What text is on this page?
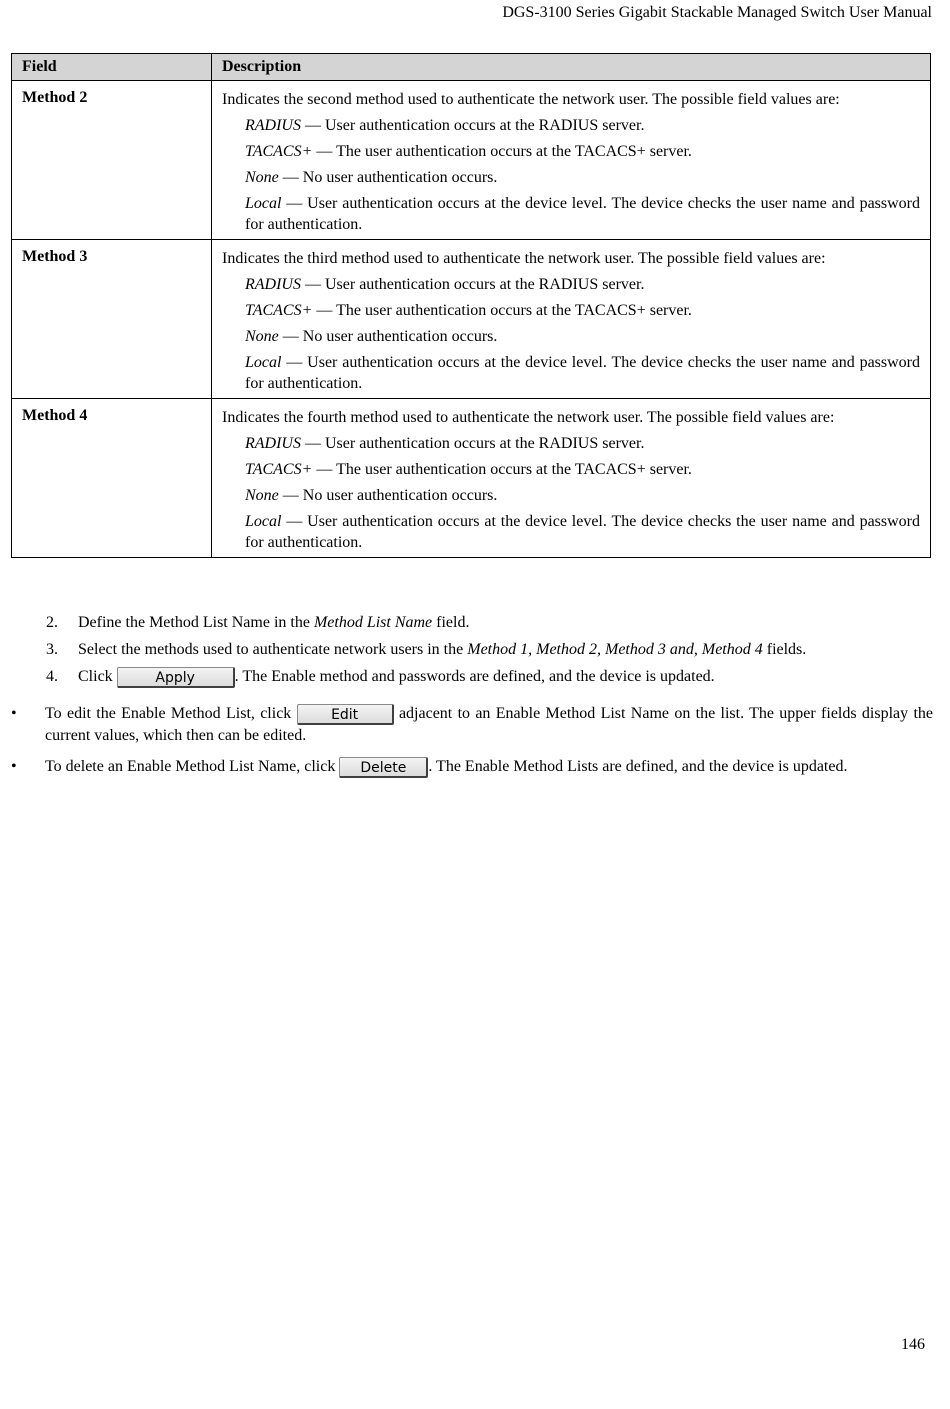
DGS-3100 Series Gigabit Stackable Managed Switch User Manual
Field	Description
Method 2	Indicates the second method used to authenticate the network user. The possible field values are:

RADIUS — User authentication occurs at the RADIUS server.
TACACS+ — The user authentication occurs at the TACACS+ server.
None — No user authentication occurs.
Local — User authentication occurs at the device level. The device checks the user name and password for authentication.

Method 3	Indicates the third method used to authenticate the network user. The possible field values are:

RADIUS — User authentication occurs at the RADIUS server.
TACACS+ — The user authentication occurs at the TACACS+ server.
None — No user authentication occurs.
Local — User authentication occurs at the device level. The device checks the user name and password for authentication.

Method 4	Indicates the fourth method used to authenticate the network user. The possible field values are:

RADIUS — User authentication occurs at the RADIUS server.
TACACS+ — The user authentication occurs at the TACACS+ server.
None — No user authentication occurs.
Local — User authentication occurs at the device level. The device checks the user name and password for authentication.
2.	Define the Method List Name in the Method List Name field.
3.	Select the methods used to authenticate network users in the Method 1, Method 2, Method 3 and, Method 4 fields.
4.	Click	Apply . The Enable method and passwords are defined, and the device is updated.
•	To edit the Enable Method List, click Edit adjacent to an Enable Method List Name on the list. The upper fields display the current values, which then can be edited.
•	To delete an Enable Method List Name, click Delete . The Enable Method Lists are defined, and the device is updated.
146
